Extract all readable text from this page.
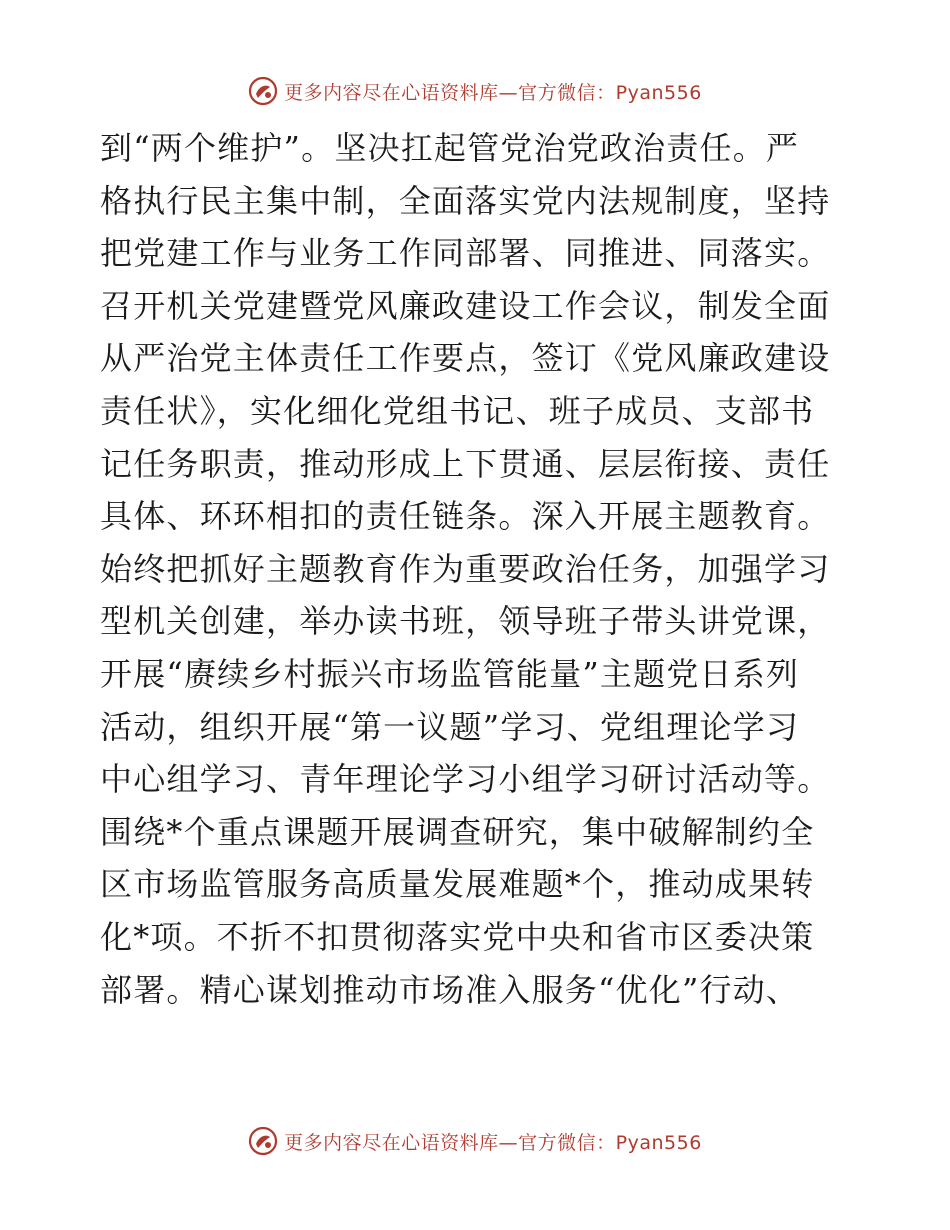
更多内容尽在心语资料库—官方微信：Pyan556
到“两个维护”。坚决扛起管党治党政治责任。严
格执行民主集中制，全面落实党内法规制度，坚持
把党建工作与业务工作同部署、同推进、同落实。
召开机关党建暨党风廉政建设工作会议，制发全面
从严治党主体责任工作要点，签订《党风廉政建设
责任状》，实化细化党组书记、班子成员、支部书
记任务职责，推动形成上下贯通、层层衔接、责任
具体、环环相扣的责任链条。深入开展主题教育。
始终把抓好主题教育作为重要政治任务，加强学习
型机关创建，举办读书班，领导班子带头讲党课，
开展“赓续乡村振兴市场监管能量”主题党日系列
活动，组织开展“第一议题”学习、党组理论学习
中心组学习、青年理论学习小组学习研讨活动等。
围绕*个重点课题开展调查研究，集中破解制约全
区市场监管服务高质量发展难题*个，推动成果转
化*项。不折不扣贯彻落实党中央和省市区委决策
部署。精心谋划推动市场准入服务“优化”行动、
更多内容尽在心语资料库—官方微信：Pyan556
